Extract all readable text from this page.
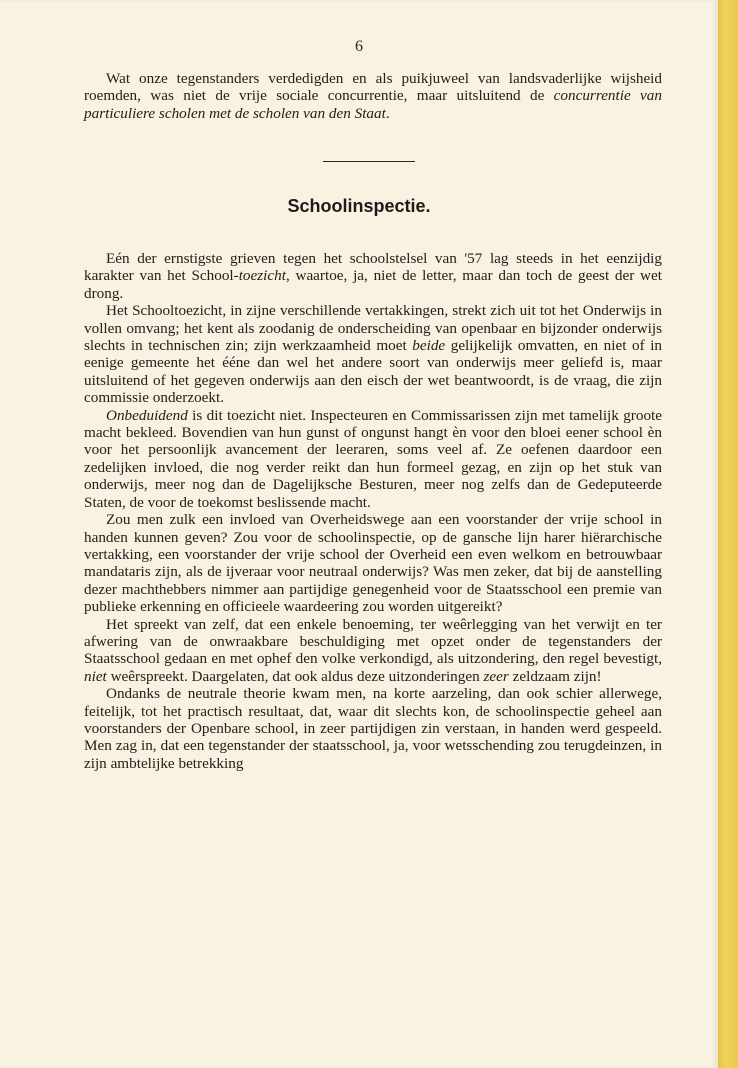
6

Wat onze tegenstanders verdedigden en als puikjuweel van landsvaderlijke wijsheid roemden, was niet de vrije sociale concurrentie, maar uitsluitend de concurrentie van particuliere scholen met de scholen van den Staat.

Schoolinspectie.

Eén der ernstigste grieven tegen het schoolstelsel van '57 lag steeds in het eenzijdig karakter van het School-toezicht, waartoe, ja, niet de letter, maar dan toch de geest der wet drong.

Het Schooltoezicht, in zijne verschillende vertakkingen, strekt zich uit tot het Onderwijs in vollen omvang; het kent als zoodanig de onderscheiding van openbaar en bijzonder onderwijs slechts in technischen zin; zijn werkzaamheid moet beide gelijkelijk omvatten, en niet of in eenige gemeente het ééne dan wel het andere soort van onderwijs meer geliefd is, maar uitsluitend of het gegeven onderwijs aan den eisch der wet beantwoordt, is de vraag, die zijn commissie onderzoekt.

Onbeduidend is dit toezicht niet. Inspecteuren en Commissarissen zijn met tamelijk groote macht bekleed. Bovendien van hun gunst of ongunst hangt èn voor den bloei eener school èn voor het persoonlijk avancement der leeraren, soms veel af. Ze oefenen daardoor een zedelijken invloed, die nog verder reikt dan hun formeel gezag, en zijn op het stuk van onderwijs, meer nog dan de Dagelijksche Besturen, meer nog zelfs dan de Gedeputeerde Staten, de voor de toekomst beslissende macht.

Zou men zulk een invloed van Overheidswege aan een voorstander der vrije school in handen kunnen geven? Zou voor de schoolinspectie, op de gansche lijn harer hiërarchische vertakking, een voorstander der vrije school der Overheid een even welkom en betrouwbaar mandataris zijn, als de ijveraar voor neutraal onderwijs? Was men zeker, dat bij de aanstelling dezer machthebbers nimmer aan partijdige genegenheid voor de Staatsschool een premie van publieke erkenning en officieele waardeering zou worden uitgereikt?

Het spreekt van zelf, dat een enkele benoeming, ter weêrlegging van het verwijt en ter afwering van de onwraakbare beschuldiging met opzet onder de tegenstanders der Staatsschool gedaan en met ophef den volke verkondigd, als uitzondering, den regel bevestigt, niet weêrspreekt. Daargelaten, dat ook aldus deze uitzonderingen zeer zeldzaam zijn!

Ondanks de neutrale theorie kwam men, na korte aarzeling, dan ook schier allerwege, feitelijk, tot het practisch resultaat, dat, waar dit slechts kon, de schoolinspectie geheel aan voorstanders der Openbare school, in zeer partijdigen zin verstaan, in handen werd gespeeld. Men zag in, dat een tegenstander der staatsschool, ja, voor wetsschending zou terugdeinzen, in zijn ambtelijke betrekking
